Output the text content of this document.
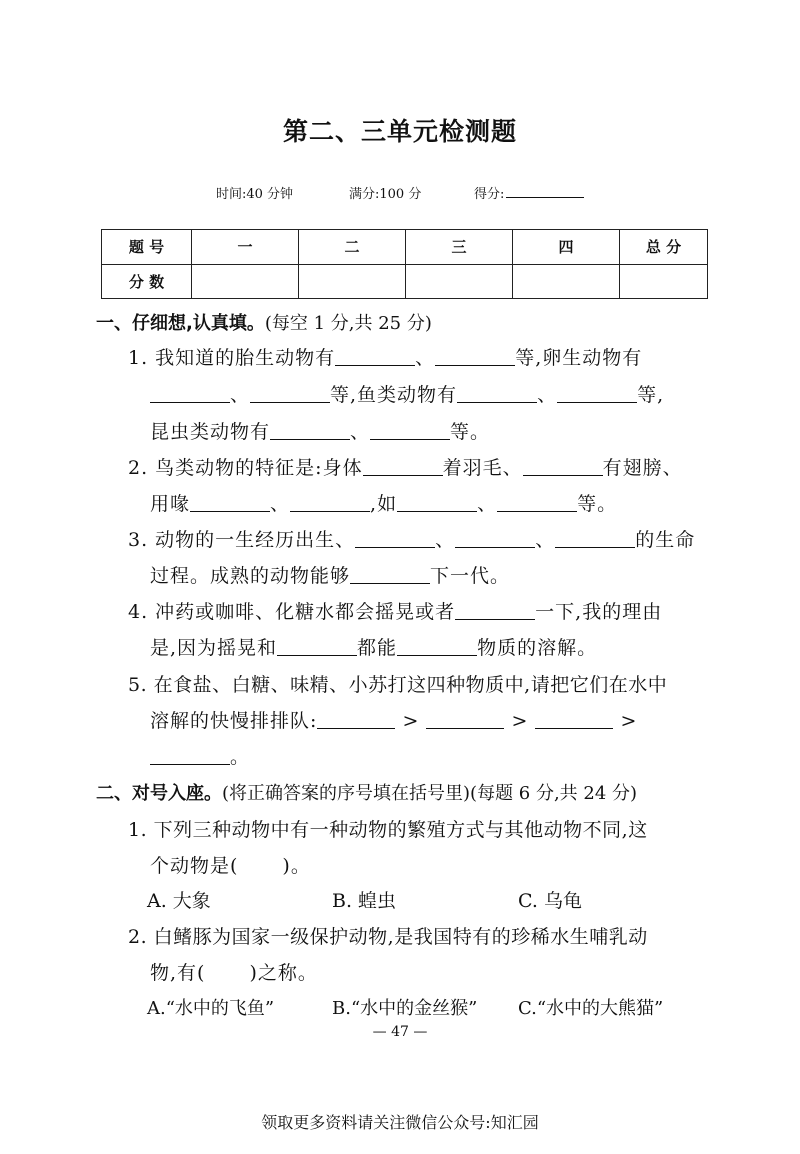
第二、三单元检测题
时间:40 分钟	满分:100 分	得分:
题 号	一	二	三	四	总 分
分 数					
一、仔细想,认真填。(每空 1 分,共 25 分)
1. 我知道的胎生动物有	、	等,卵生动物有
、	等,鱼类动物有	、	等,
昆虫类动物有	、	等。
2. 鸟类动物的特征是:身体	着羽毛、	有翅膀、
用喙	、	,如	、	等。
3. 动物的一生经历出生、	、	、	的生命
过程。成熟的动物能够	下一代。
4. 冲药或咖啡、化糖水都会摇晃或者	一下,我的理由
是,因为摇晃和	都能	物质的溶解。
5. 在食盐、白糖、味精、小苏打这四种物质中,请把它们在水中
溶解的快慢排排队:	>	>	>
。
二、对号入座。(将正确答案的序号填在括号里)(每题 6 分,共 24 分)
1. 下列三种动物中有一种动物的繁殖方式与其他动物不同,这
个动物是( )。
A. 大象	B. 蝗虫	C. 乌龟
2. 白鳍豚为国家一级保护动物,是我国特有的珍稀水生哺乳动
物,有( )之称。
A.“水中的飞鱼”	B.“水中的金丝猴” C.“水中的大熊猫”
— 47 —
领取更多资料请关注微信公众号:知汇园
